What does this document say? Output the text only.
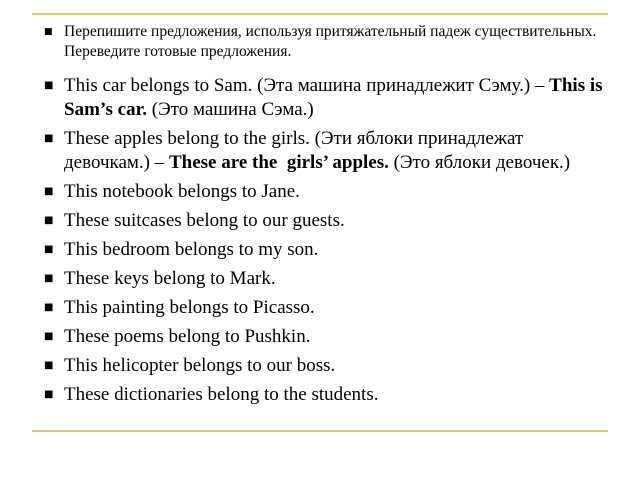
■ Перепишите предложения, используя притяжательный падеж существительных. Переведите готовые предложения.
■ This car belongs to Sam. (Эта машина принадлежит Сэму.) – This is Sam’s car. (Это машина Сэма.)
■ These apples belong to the girls. (Эти яблоки принадлежат девочкам.) – These are the  girls’ apples. (Это яблоки девочек.)
■ This notebook belongs to Jane.
■ These suitcases belong to our guests.
■ This bedroom belongs to my son.
■ These keys belong to Mark.
■ This painting belongs to Picasso.
■ These poems belong to Pushkin.
■ This helicopter belongs to our boss.
■ These dictionaries belong to the students.
